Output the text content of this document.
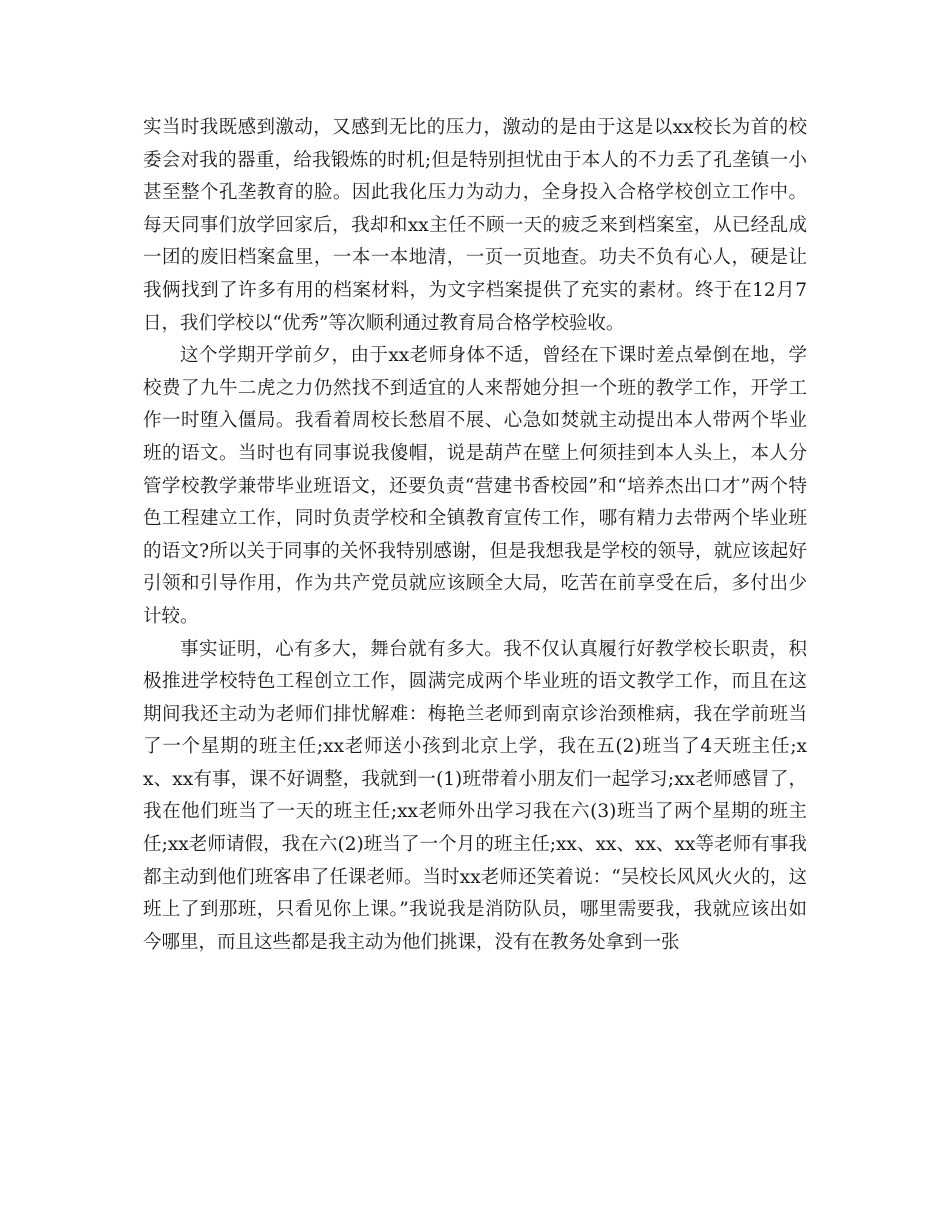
实当时我既感到激动，又感到无比的压力，激动的是由于这是以xx校长为首的校委会对我的器重，给我锻炼的时机;但是特别担忧由于本人的不力丢了孔垄镇一小甚至整个孔垄教育的脸。因此我化压力为动力，全身投入合格学校创立工作中。每天同事们放学回家后，我却和xx主任不顾一天的疲乏来到档案室，从已经乱成一团的废旧档案盒里，一本一本地清，一页一页地查。功夫不负有心人，硬是让我俩找到了许多有用的档案材料，为文字档案提供了充实的素材。终于在12月7日，我们学校以“优秀”等次顺利通过教育局合格学校验收。

这个学期开学前夕，由于xx老师身体不适，曾经在下课时差点晕倒在地，学校费了九牛二虎之力仍然找不到适宜的人来帮她分担一个班的教学工作，开学工作一时堕入僵局。我看着周校长愁眉不展、心急如焚就主动提出本人带两个毕业班的语文。当时也有同事说我傻帽，说是葫芦在壁上何须挂到本人头上，本人分管学校教学兼带毕业班语文，还要负责“营建书香校园”和“培养杰出口才”两个特色工程建立工作，同时负责学校和全镇教育宣传工作，哪有精力去带两个毕业班的语文?所以关于同事的关怀我特别感谢，但是我想我是学校的领导，就应该起好引领和引导作用，作为共产党员就应该顾全大局，吃苦在前享受在后，多付出少计较。

事实证明，心有多大，舞台就有多大。我不仅认真履行好教学校长职责，积极推进学校特色工程创立工作，圆满完成两个毕业班的语文教学工作，而且在这期间我还主动为老师们排忧解难：梅艳兰老师到南京诊治颈椎病，我在学前班当了一个星期的班主任;xx老师送小孩到北京上学，我在五(2)班当了4天班主任;xx、xx有事，课不好调整，我就到一(1)班带着小朋友们一起学习;xx老师感冒了，我在他们班当了一天的班主任;xx老师外出学习我在六(3)班当了两个星期的班主任;xx老师请假，我在六(2)班当了一个月的班主任;xx、xx、xx、xx等老师有事我都主动到他们班客串了任课老师。当时xx老师还笑着说：“吴校长风风火火的，这班上了到那班，只看见你上课。”我说我是消防队员，哪里需要我，我就应该出如今哪里，而且这些都是我主动为他们挑课，没有在教务处拿到一张
